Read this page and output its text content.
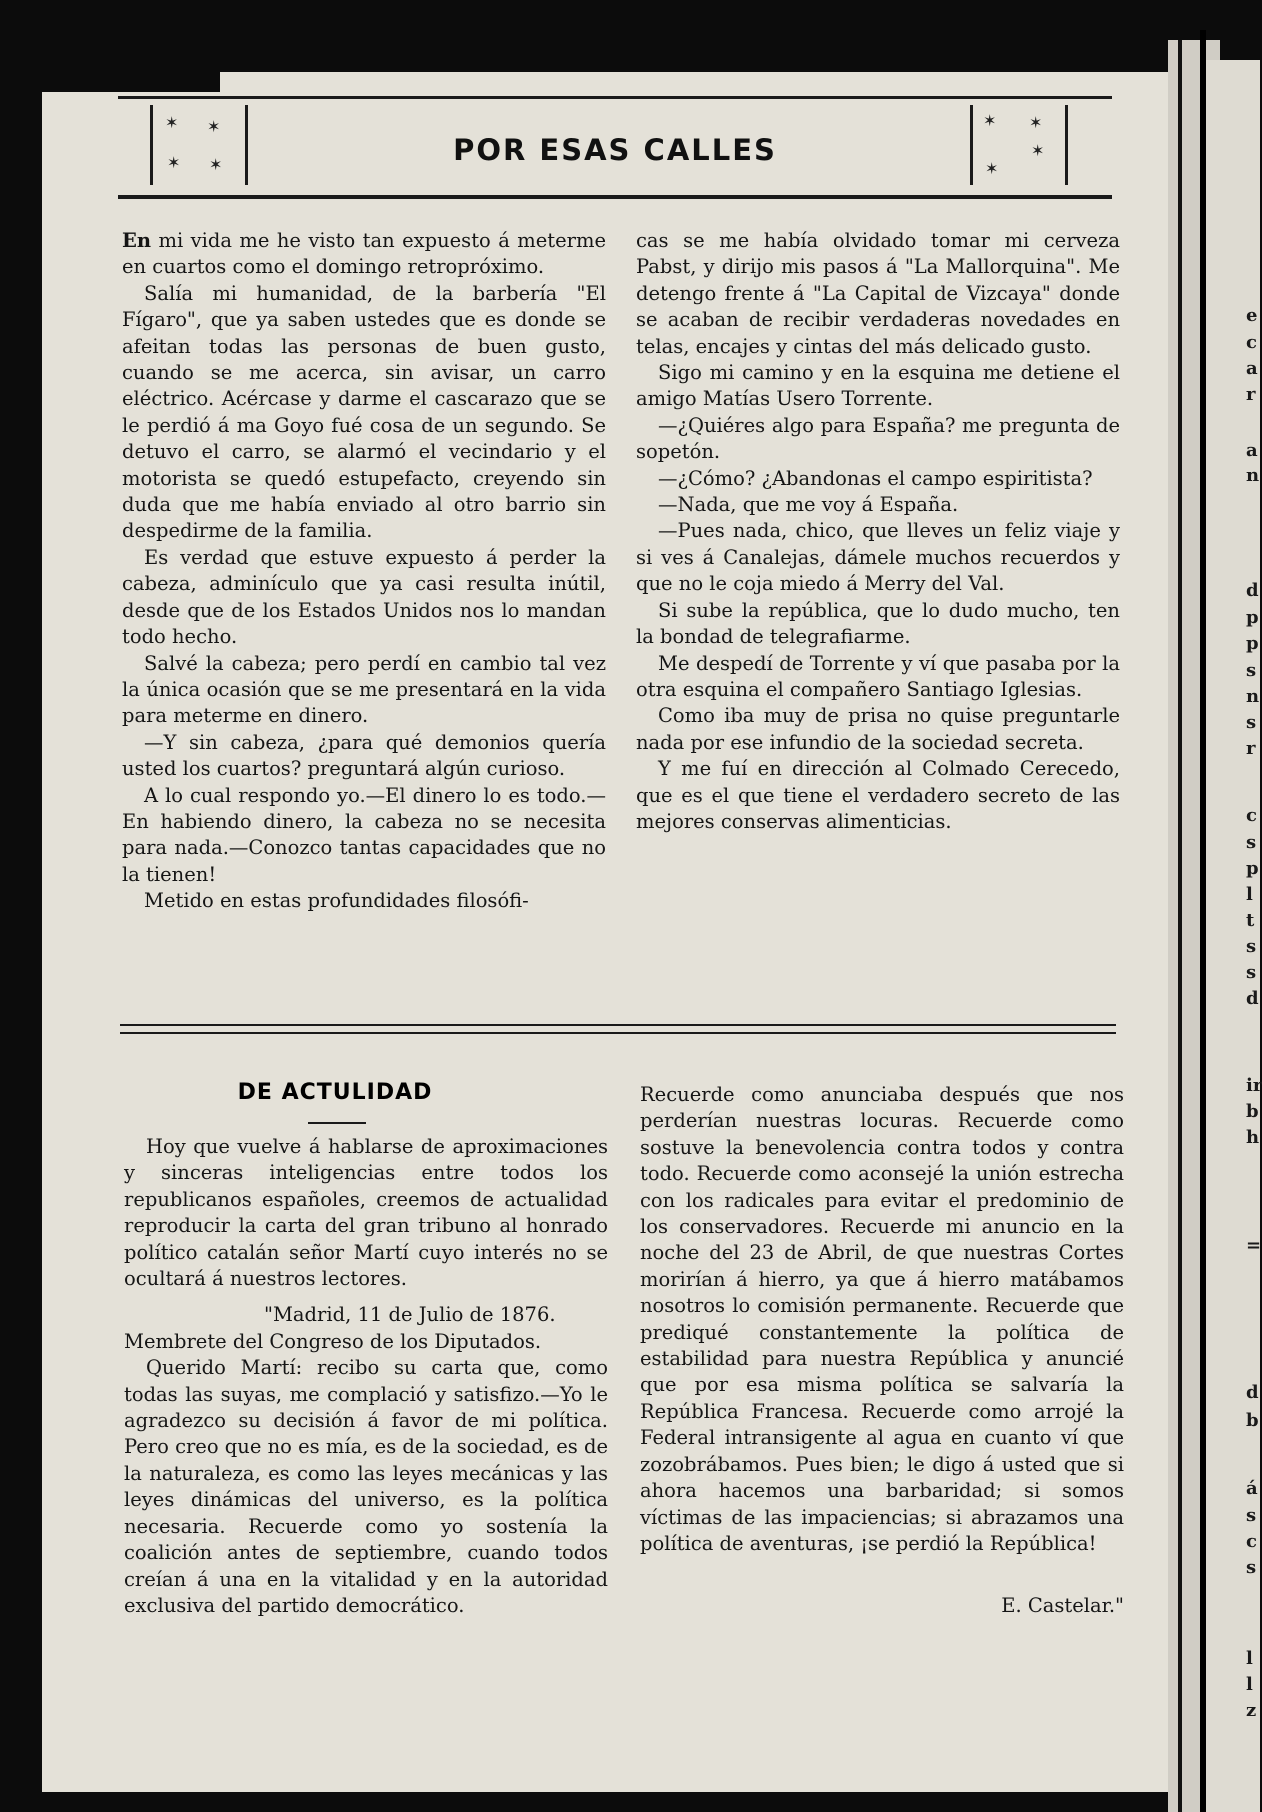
e
c
a
r
a
n
d
p
p
s
n
s
r
c
s
p
l
t
s
s
d
ir
b
h
=
d
b
á
s
c
s
l
l
z
✶ ✶
✶ ✶	POR ESAS CALLES
✶ ✶
✶
✶

En mi vida me he visto tan expuesto á meterme en cuartos como el domingo retropróximo.

Salía mi humanidad, de la barbería "El Fígaro", que ya saben ustedes que es donde se afeitan todas las personas de buen gusto, cuando se me acerca, sin avisar, un carro eléctrico. Acércase y darme el cascarazo que se le perdió á ma Goyo fué cosa de un segundo. Se detuvo el carro, se alarmó el vecindario y el motorista se quedó estupefacto, creyendo sin duda que me había enviado al otro barrio sin despedirme de la familia.

Es verdad que estuve expuesto á perder la cabeza, adminículo que ya casi resulta inútil, desde que de los Estados Unidos nos lo mandan todo hecho.

Salvé la cabeza; pero perdí en cambio tal vez la única ocasión que se me presentará en la vida para meterme en dinero.

—Y sin cabeza, ¿para qué demonios quería usted los cuartos? preguntará algún curioso.

A lo cual respondo yo.—El dinero lo es todo.—En habiendo dinero, la cabeza no se necesita para nada.—Conozco tantas capacidades que no la tienen!

Metido en estas profundidades filosófi-

cas se me había olvidado tomar mi cerveza Pabst, y dirijo mis pasos á "La Mallorquina". Me detengo frente á "La Capital de Vizcaya" donde se acaban de recibir verdaderas novedades en telas, encajes y cintas del más delicado gusto.

Sigo mi camino y en la esquina me detiene el amigo Matías Usero Torrente.

—¿Quiéres algo para España? me pregunta de sopetón.

—¿Cómo? ¿Abandonas el campo espiritista?

—Nada, que me voy á España.

—Pues nada, chico, que lleves un feliz viaje y si ves á Canalejas, dámele muchos recuerdos y que no le coja miedo á Merry del Val.

Si sube la república, que lo dudo mucho, ten la bondad de telegrafiarme.

Me despedí de Torrente y ví que pasaba por la otra esquina el compañero Santiago Iglesias.

Como iba muy de prisa no quise preguntarle nada por ese infundio de la sociedad secreta.

Y me fuí en dirección al Colmado Cerecedo, que es el que tiene el verdadero secreto de las mejores conservas alimenticias.

DE ACTULIDAD

Hoy que vuelve á hablarse de aproximaciones y sinceras inteligencias entre todos los republicanos españoles, creemos de actualidad reproducir la carta del gran tribuno al honrado político catalán señor Martí cuyo interés no se ocultará á nuestros lectores.

"Madrid, 11 de Julio de 1876.

Membrete del Congreso de los Diputados.

Querido Martí: recibo su carta que, como todas las suyas, me complació y satisfizo.—Yo le agradezco su decisión á favor de mi política. Pero creo que no es mía, es de la sociedad, es de la naturaleza, es como las leyes mecánicas y las leyes dinámicas del universo, es la política necesaria. Recuerde como yo sostenía la coalición antes de septiembre, cuando todos creían á una en la vitalidad y en la autoridad exclusiva del partido democrático.

Recuerde como anunciaba después que nos perderían nuestras locuras. Recuerde como sostuve la benevolencia contra todos y contra todo. Recuerde como aconsejé la unión estrecha con los radicales para evitar el predominio de los conservadores. Recuerde mi anuncio en la noche del 23 de Abril, de que nuestras Cortes morirían á hierro, ya que á hierro matábamos nosotros lo comisión permanente. Recuerde que prediqué constantemente la política de estabilidad para nuestra República y anuncié que por esa misma política se salvaría la República Francesa. Recuerde como arrojé la Federal intransigente al agua en cuanto ví que zozobrábamos. Pues bien; le digo á usted que si ahora hacemos una barbaridad; si somos víctimas de las impaciencias; si abrazamos una política de aventuras, ¡se perdió la República!

E. Castelar."
